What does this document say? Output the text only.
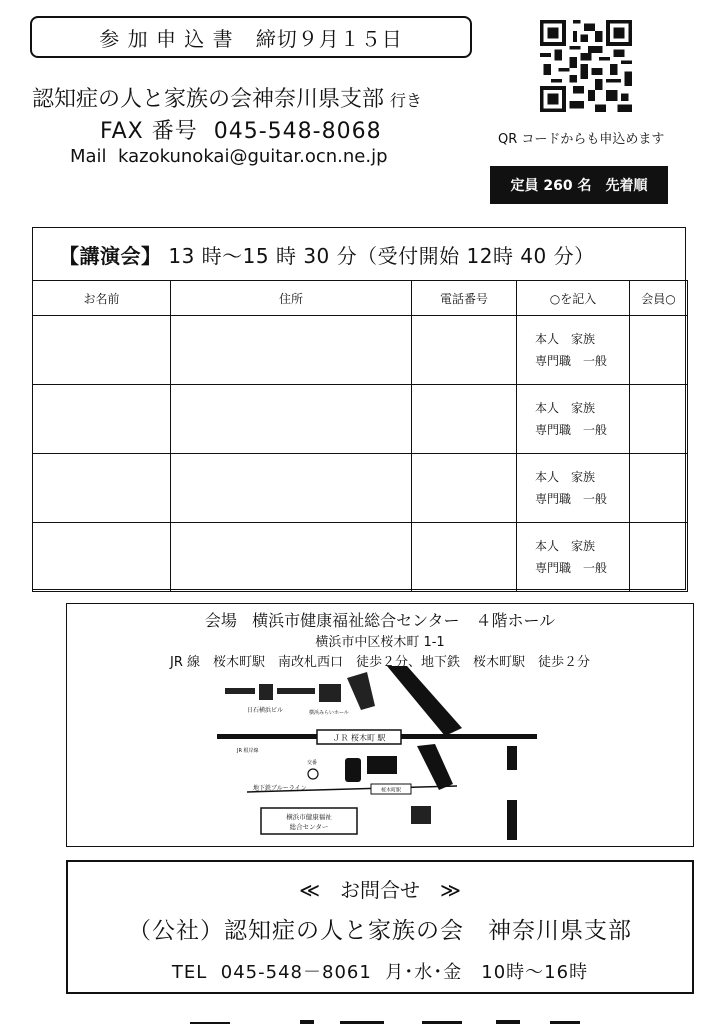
参 加 申 込 書
締切９月１５日
認知症の人と家族の会神奈川県支部 行き
FAX 番号 045-548-8068
Mail kazokunokai@guitar.ocn.ne.jp
QR コードからも申込めます
定員 260 名　先着順
【講演会】 13 時～15 時 30 分（受付開始 12時 40 分）
お名前	住所	電話番号	○を記入	会員○

			本人　家族
専門職　一般	

			本人　家族
専門職　一般	

			本人　家族
専門職　一般	

			本人　家族
専門職　一般	

会場 横浜市健康福祉総合センター　４階ホール
横浜市中区桜木町 1-1
JR 線　桜木町駅　南改札西口　徒歩２分、地下鉄　桜木町駅　徒歩２分
日石横浜ビル	横浜みらいホール
ＪＲ 桜木町 駅
JR 根岸線
交番
地下鉄ブルーライン	桜木町駅
横浜市健康福祉
総合センター
≪　お問合せ　≫
（公社）認知症の人と家族の会　神奈川県支部
TEL 045-548－8061 月･水･金　10時～16時
